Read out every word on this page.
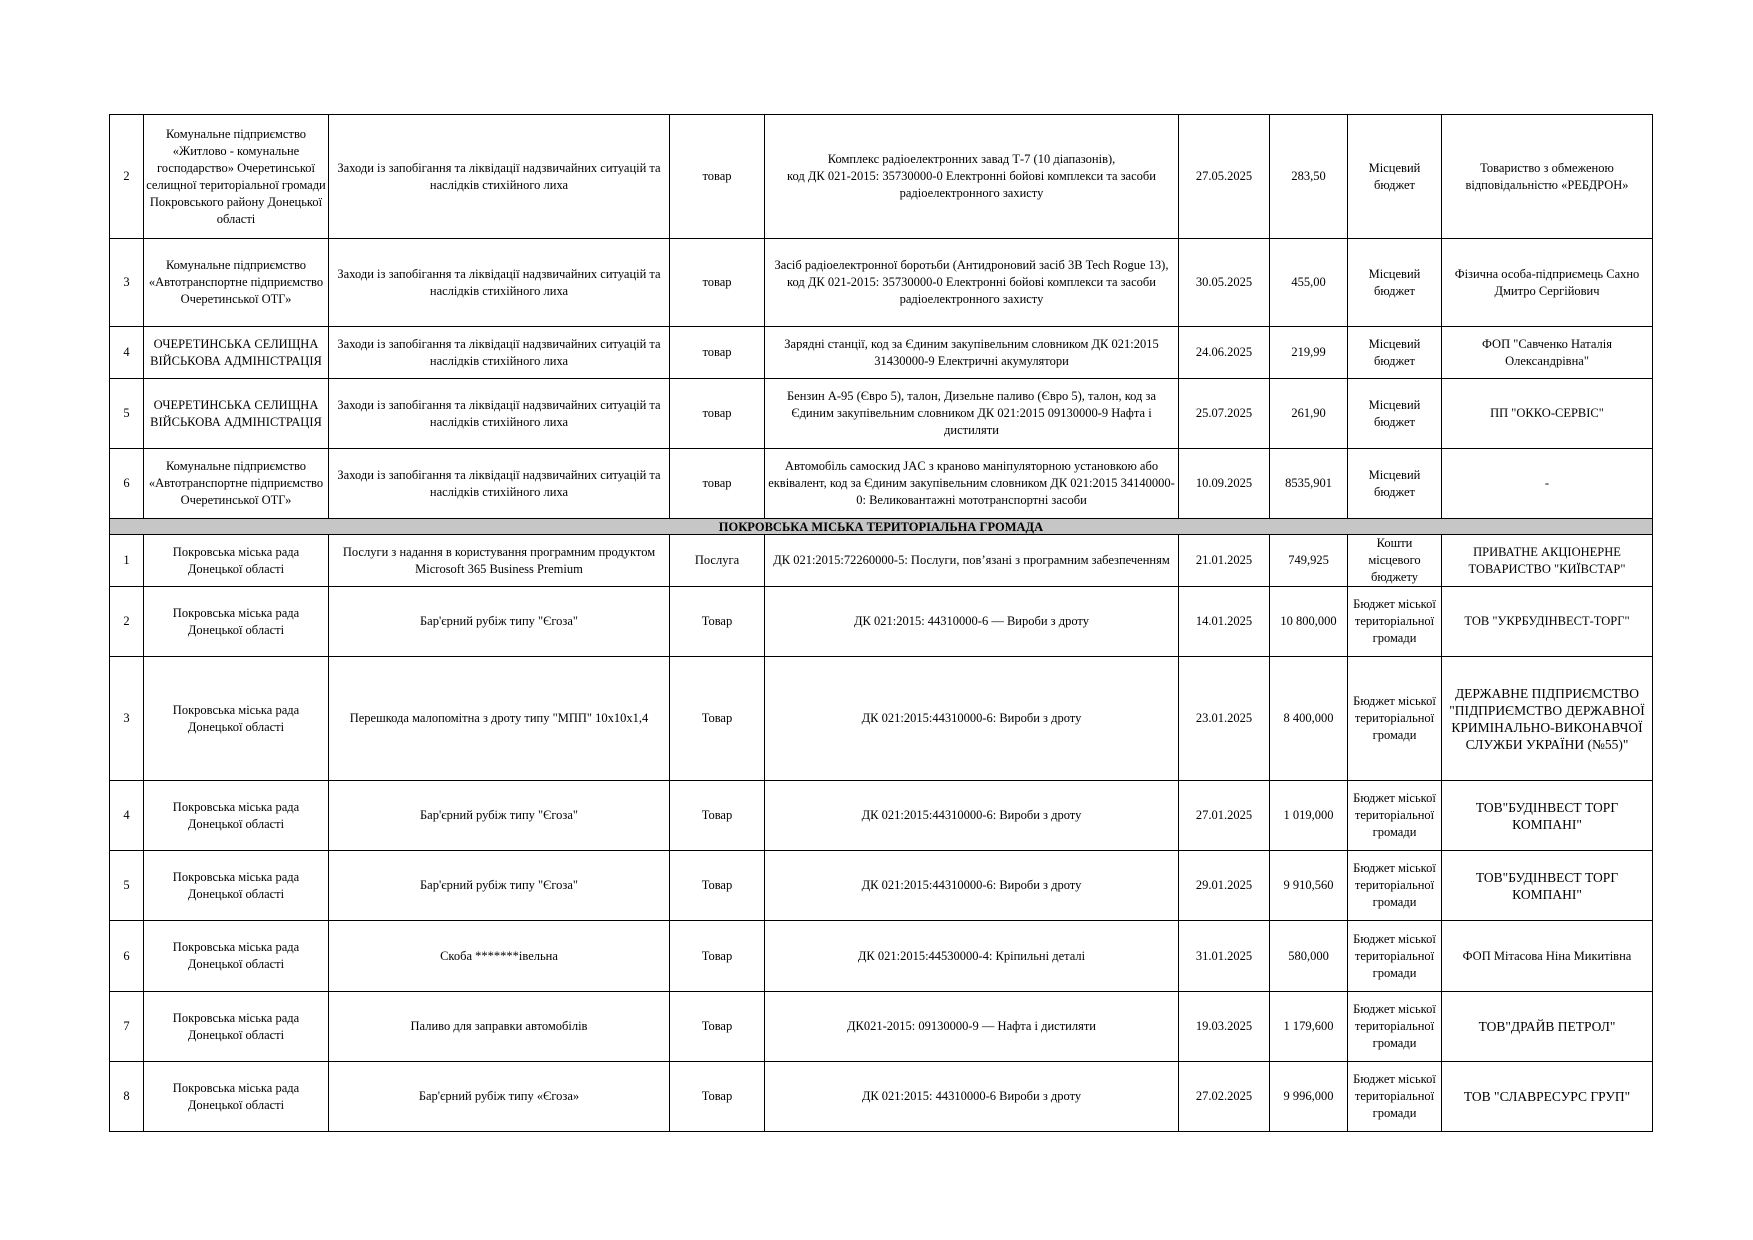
2	Комунальне підприємство «Житлово - комунальне господарство» Очеретинської селищної територіальної громади Покровського району Донецької області	Заходи із запобігання та ліквідації надзвичайних ситуацій та наслідків стихійного лиха	товар	Комплекс радіоелектронних завад Т-7 (10 діапазонів),
код ДК 021-2015: 35730000-0 Електронні бойові комплекси та засоби радіоелектронного захисту	27.05.2025	283,50	Місцевий бюджет	Товариство з обмеженою відповідальністю «РЕБДРОН»
3	Комунальне підприємство «Автотранспортне підприємство Очеретинської ОТГ»	Заходи із запобігання та ліквідації надзвичайних ситуацій та наслідків стихійного лиха	товар	Засіб радіоелектронної боротьби (Антидроновий засіб 3В Tech Rogue 13),
код ДК 021-2015: 35730000-0 Електронні бойові комплекси та засоби радіоелектронного захисту	30.05.2025	455,00	Місцевий бюджет	Фізична особа-підприємець Сахно Дмитро Сергійович
4	ОЧЕРЕТИНСЬКА СЕЛИЩНА ВІЙСЬКОВА АДМІНІСТРАЦІЯ	Заходи із запобігання та ліквідації надзвичайних ситуацій та наслідків стихійного лиха	товар	Зарядні станції, код за Єдиним закупівельним словником ДК 021:2015 31430000-9 Електричні акумулятори	24.06.2025	219,99	Місцевий бюджет	ФОП "Савченко Наталія Олександрівна"
5	ОЧЕРЕТИНСЬКА СЕЛИЩНА ВІЙСЬКОВА АДМІНІСТРАЦІЯ	Заходи із запобігання та ліквідації надзвичайних ситуацій та наслідків стихійного лиха	товар	Бензин А-95 (Євро 5), талон, Дизельне паливо (Євро 5), талон, код за Єдиним закупівельним словником ДК 021:2015 09130000-9 Нафта і дистиляти	25.07.2025	261,90	Місцевий бюджет	ПП "ОККО-СЕРВІС"
6	Комунальне підприємство «Автотранспортне підприємство Очеретинської ОТГ»	Заходи із запобігання та ліквідації надзвичайних ситуацій та наслідків стихійного лиха	товар	Автомобіль самоскид JAC з краново маніпуляторною установкою або еквівалент, код за Єдиним закупівельним словником ДК 021:2015 34140000-0: Великовантажні мототранспортні засоби	10.09.2025	8535,901	Місцевий бюджет	-
ПОКРОВСЬКА МІСЬКА ТЕРИТОРІАЛЬНА ГРОМАДА								
1	Покровська міська рада Донецької області	Послуги з надання в користування програмним продуктом Microsoft 365 Business Premium	Послуга	ДК 021:2015:72260000-5: Послуги, пов’язані з програмним забезпеченням	21.01.2025	749,925	Кошти місцевого бюджету	ПРИВАТНЕ АКЦІОНЕРНЕ ТОВАРИСТВО "КИЇВСТАР"
2	Покровська міська рада Донецької області	Бар'єрний рубіж типу "Єгоза"	Товар	ДК 021:2015: 44310000-6 — Вироби з дроту	14.01.2025	10 800,000	Бюджет міської територіальної громади	ТОВ "УКРБУДІНВЕСТ-ТОРГ"
3	Покровська міська рада Донецької області	Перешкода малопомітна з дроту типу "МПП" 10х10х1,4	Товар	ДК 021:2015:44310000-6: Вироби з дроту	23.01.2025	8 400,000	Бюджет міської територіальної громади	ДЕРЖАВНЕ ПІДПРИЄМСТВО "ПІДПРИЄМСТВО ДЕРЖАВНОЇ КРИМІНАЛЬНО-ВИКОНАВЧОЇ СЛУЖБИ УКРАЇНИ (№55)"
4	Покровська міська рада Донецької області	Бар'єрний рубіж типу "Єгоза"	Товар	ДК 021:2015:44310000-6: Вироби з дроту	27.01.2025	1 019,000	Бюджет міської територіальної громади	ТОВ"БУДІНВЕСТ ТОРГ КОМПАНІ"
5	Покровська міська рада Донецької області	Бар'єрний рубіж типу "Єгоза"	Товар	ДК 021:2015:44310000-6: Вироби з дроту	29.01.2025	9 910,560	Бюджет міської територіальної громади	ТОВ"БУДІНВЕСТ ТОРГ КОМПАНІ"
6	Покровська міська рада Донецької області	Скоба *******івельна	Товар	ДК 021:2015:44530000-4: Кріпильні деталі	31.01.2025	580,000	Бюджет міської територіальної громади	ФОП Мітасова Ніна Микитівна
7	Покровська міська рада Донецької області	Паливо для заправки автомобілів	Товар	ДК021-2015: 09130000-9 — Нафта і дистиляти	19.03.2025	1 179,600	Бюджет міської територіальної громади	ТОВ"ДРАЙВ ПЕТРОЛ"
8	Покровська міська рада Донецької області	Бар'єрний рубіж типу «Єгоза»	Товар	ДК 021:2015: 44310000-6 Вироби з дроту	27.02.2025	9 996,000	Бюджет міської територіальної громади	ТОВ "СЛАВРЕСУРС ГРУП"
